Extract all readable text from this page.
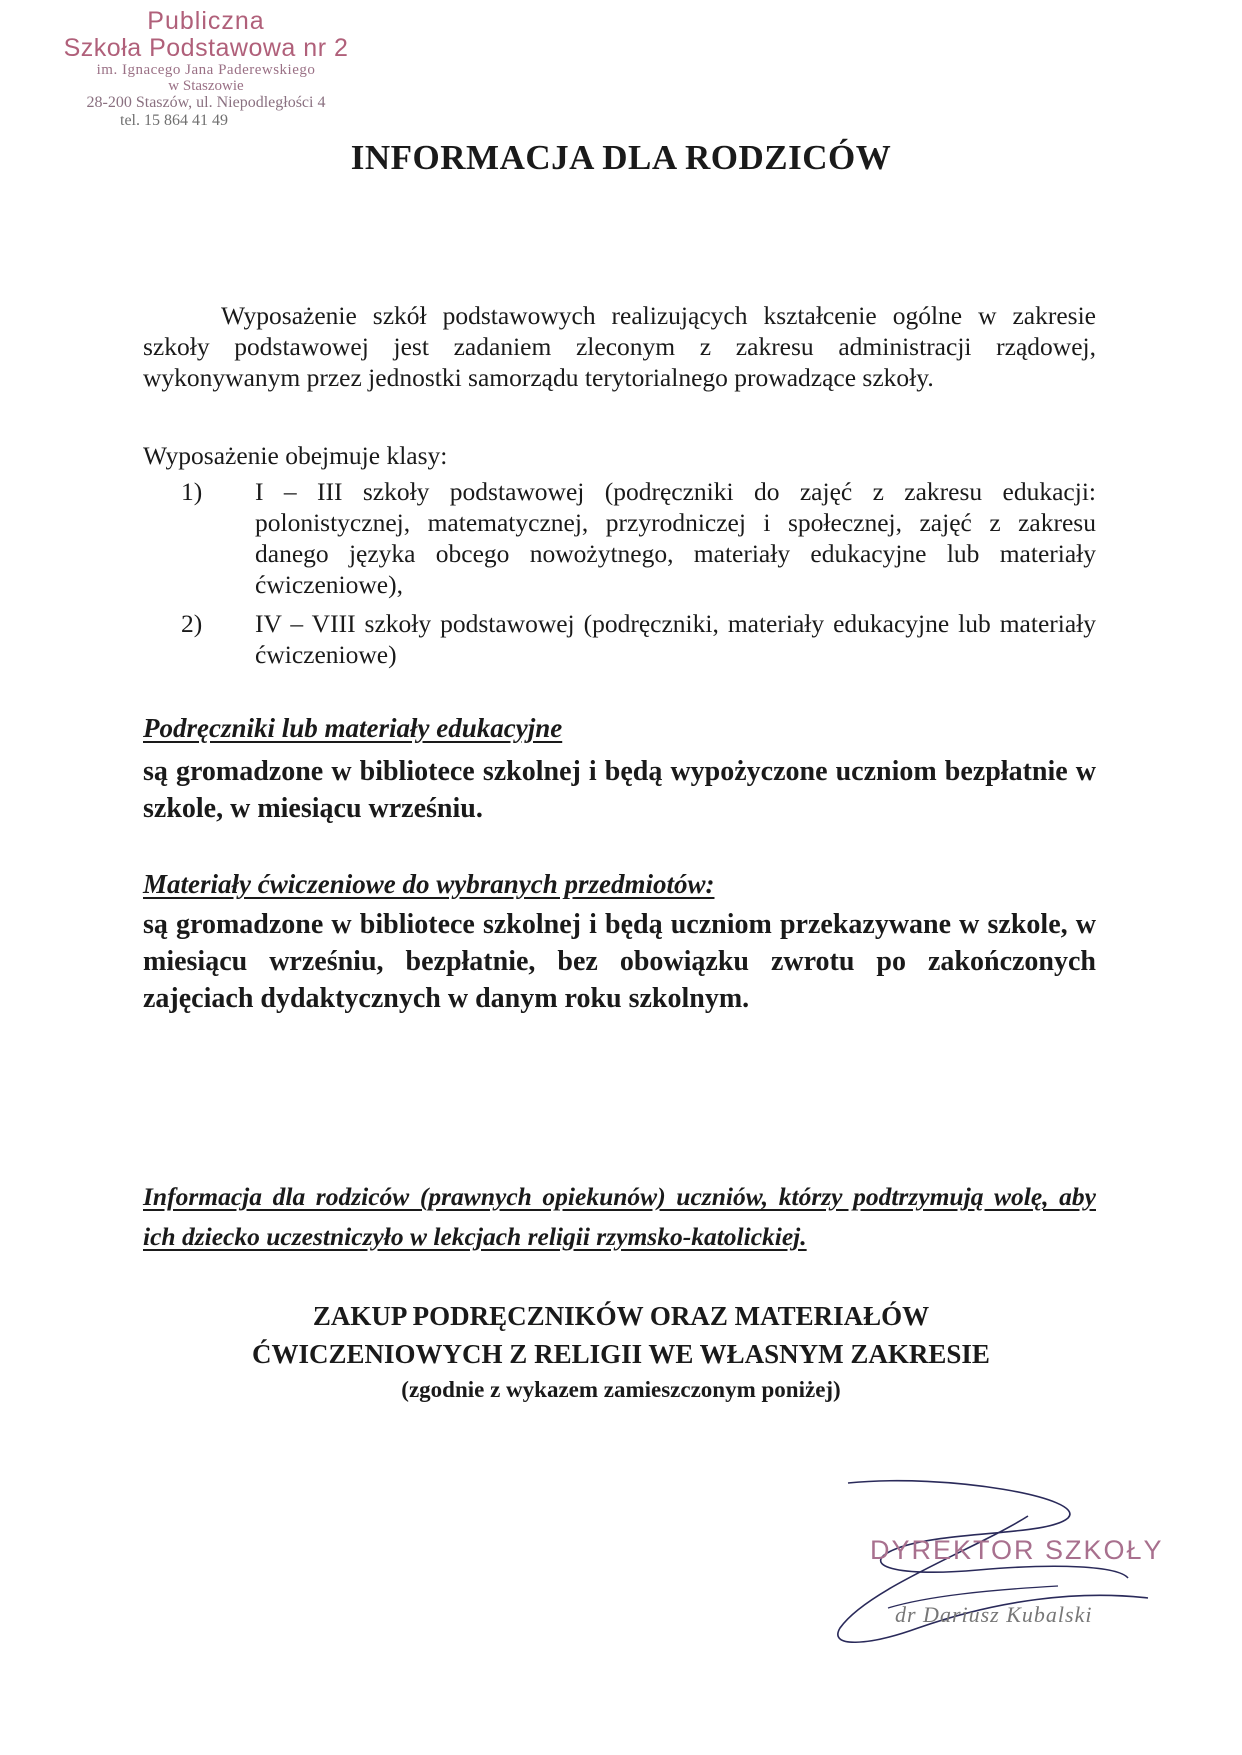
Publiczna
Szkoła Podstawowa nr 2
im. Ignacego Jana Paderewskiego
w Staszowie
28-200 Staszów, ul. Niepodległości 4
tel. 15 864 41 49
INFORMACJA DLA RODZICÓW
Wyposażenie szkół podstawowych realizujących kształcenie ogólne w zakresie szkoły podstawowej jest zadaniem zleconym z zakresu administracji rządowej, wykonywanym przez jednostki samorządu terytorialnego prowadzące szkoły.
Wyposażenie obejmuje klasy:
1)	I – III szkoły podstawowej (podręczniki do zajęć z zakresu edukacji: polonistycznej, matematycznej, przyrodniczej i społecznej, zajęć z zakresu danego języka obcego nowożytnego, materiały edukacyjne lub materiały ćwiczeniowe),
2)	IV – VIII szkoły podstawowej (podręczniki, materiały edukacyjne lub materiały ćwiczeniowe)
Podręczniki lub materiały edukacyjne
są gromadzone w bibliotece szkolnej i będą wypożyczone uczniom bezpłatnie w szkole, w miesiącu wrześniu.
Materiały ćwiczeniowe do wybranych przedmiotów:
są gromadzone w bibliotece szkolnej i będą uczniom przekazywane w szkole, w miesiącu wrześniu, bezpłatnie, bez obowiązku zwrotu po zakończonych zajęciach dydaktycznych w danym roku szkolnym.
Informacja dla rodziców (prawnych opiekunów) uczniów, którzy podtrzymują wolę, aby ich dziecko uczestniczyło w lekcjach religii rzymsko-katolickiej.
ZAKUP PODRĘCZNIKÓW ORAZ MATERIAŁÓW
ĆWICZENIOWYCH Z RELIGII WE WŁASNYM ZAKRESIE
(zgodnie z wykazem zamieszczonym poniżej)
DYREKTOR SZKOŁY
dr Dariusz Kubalski
